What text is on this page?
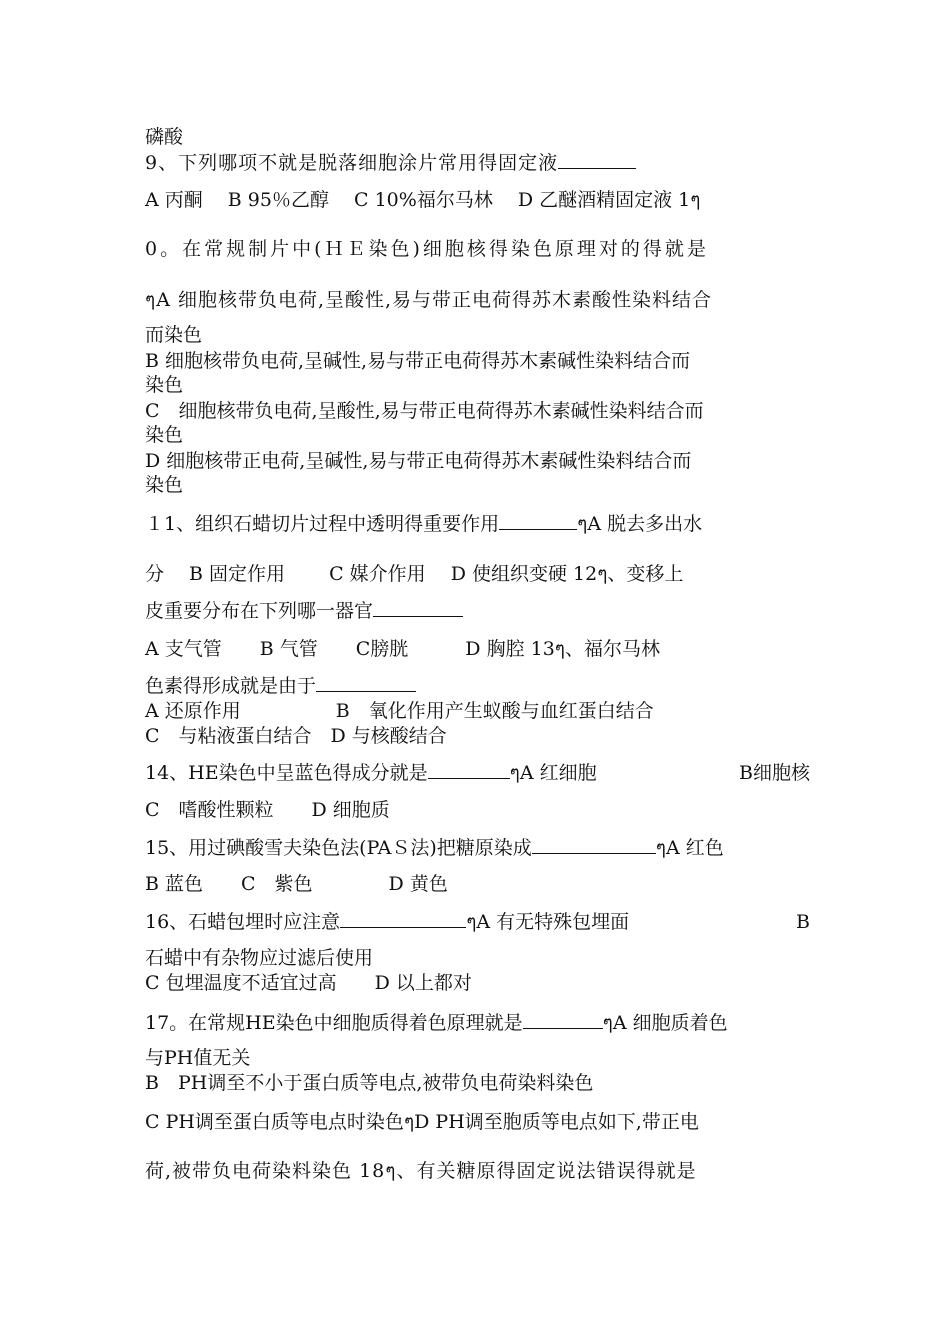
磷酸
9、下列哪项不就是脱落细胞涂片常用得固定液
A 丙酮　 B 95％乙醇　 C 10%福尔马林　 D 乙醚酒精固定液 1ๆ
0。在常规制片中(ＨＥ染色)细胞核得染色原理对的得就是
ๆA 细胞核带负电荷,呈酸性,易与带正电荷得苏木素酸性染料结合
而染色
B 细胞核带负电荷,呈碱性,易与带正电荷得苏木素碱性染料结合而
染色
C　细胞核带负电荷,呈酸性,易与带正电荷得苏木素碱性染料结合而
染色
D 细胞核带正电荷,呈碱性,易与带正电荷得苏木素碱性染料结合而
染色
１1、组织石蜡切片过程中透明得重要作用	ๆA 脱去多出水
分　 B 固定作用　　 C 媒介作用　 D 使组织变硬 12ๆ、变移上
皮重要分布在下列哪一器官
A 支气管　　B 气管　　C膀胱　　　D 胸腔 13ๆ、福尔马林
色素得形成就是由于
A 还原作用　　　　　B　氧化作用产生蚁酸与血红蛋白结合
C　与粘液蛋白结合　D 与核酸结合
14、HE染色中呈蓝色得成分就是	ๆA 红细胞	B细胞核
C　嗜酸性颗粒　　D 细胞质
15、用过碘酸雪夫染色法(PAＳ法)把糖原染成	ๆA 红色
B 蓝色　　C　紫色　　　　D 黄色
16、石蜡包埋时应注意	ๆA 有无特殊包埋面	B
石蜡中有杂物应过滤后使用
C 包埋温度不适宜过高　　D 以上都对
17。在常规HE染色中细胞质得着色原理就是	ๆA 细胞质着色
与PH值无关
B　PH调至不小于蛋白质等电点,被带负电荷染料染色
C PH调至蛋白质等电点时染色ๆD PH调至胞质等电点如下,带正电
荷,被带负电荷染料染色 18ๆ、有关糖原得固定说法错误得就是
